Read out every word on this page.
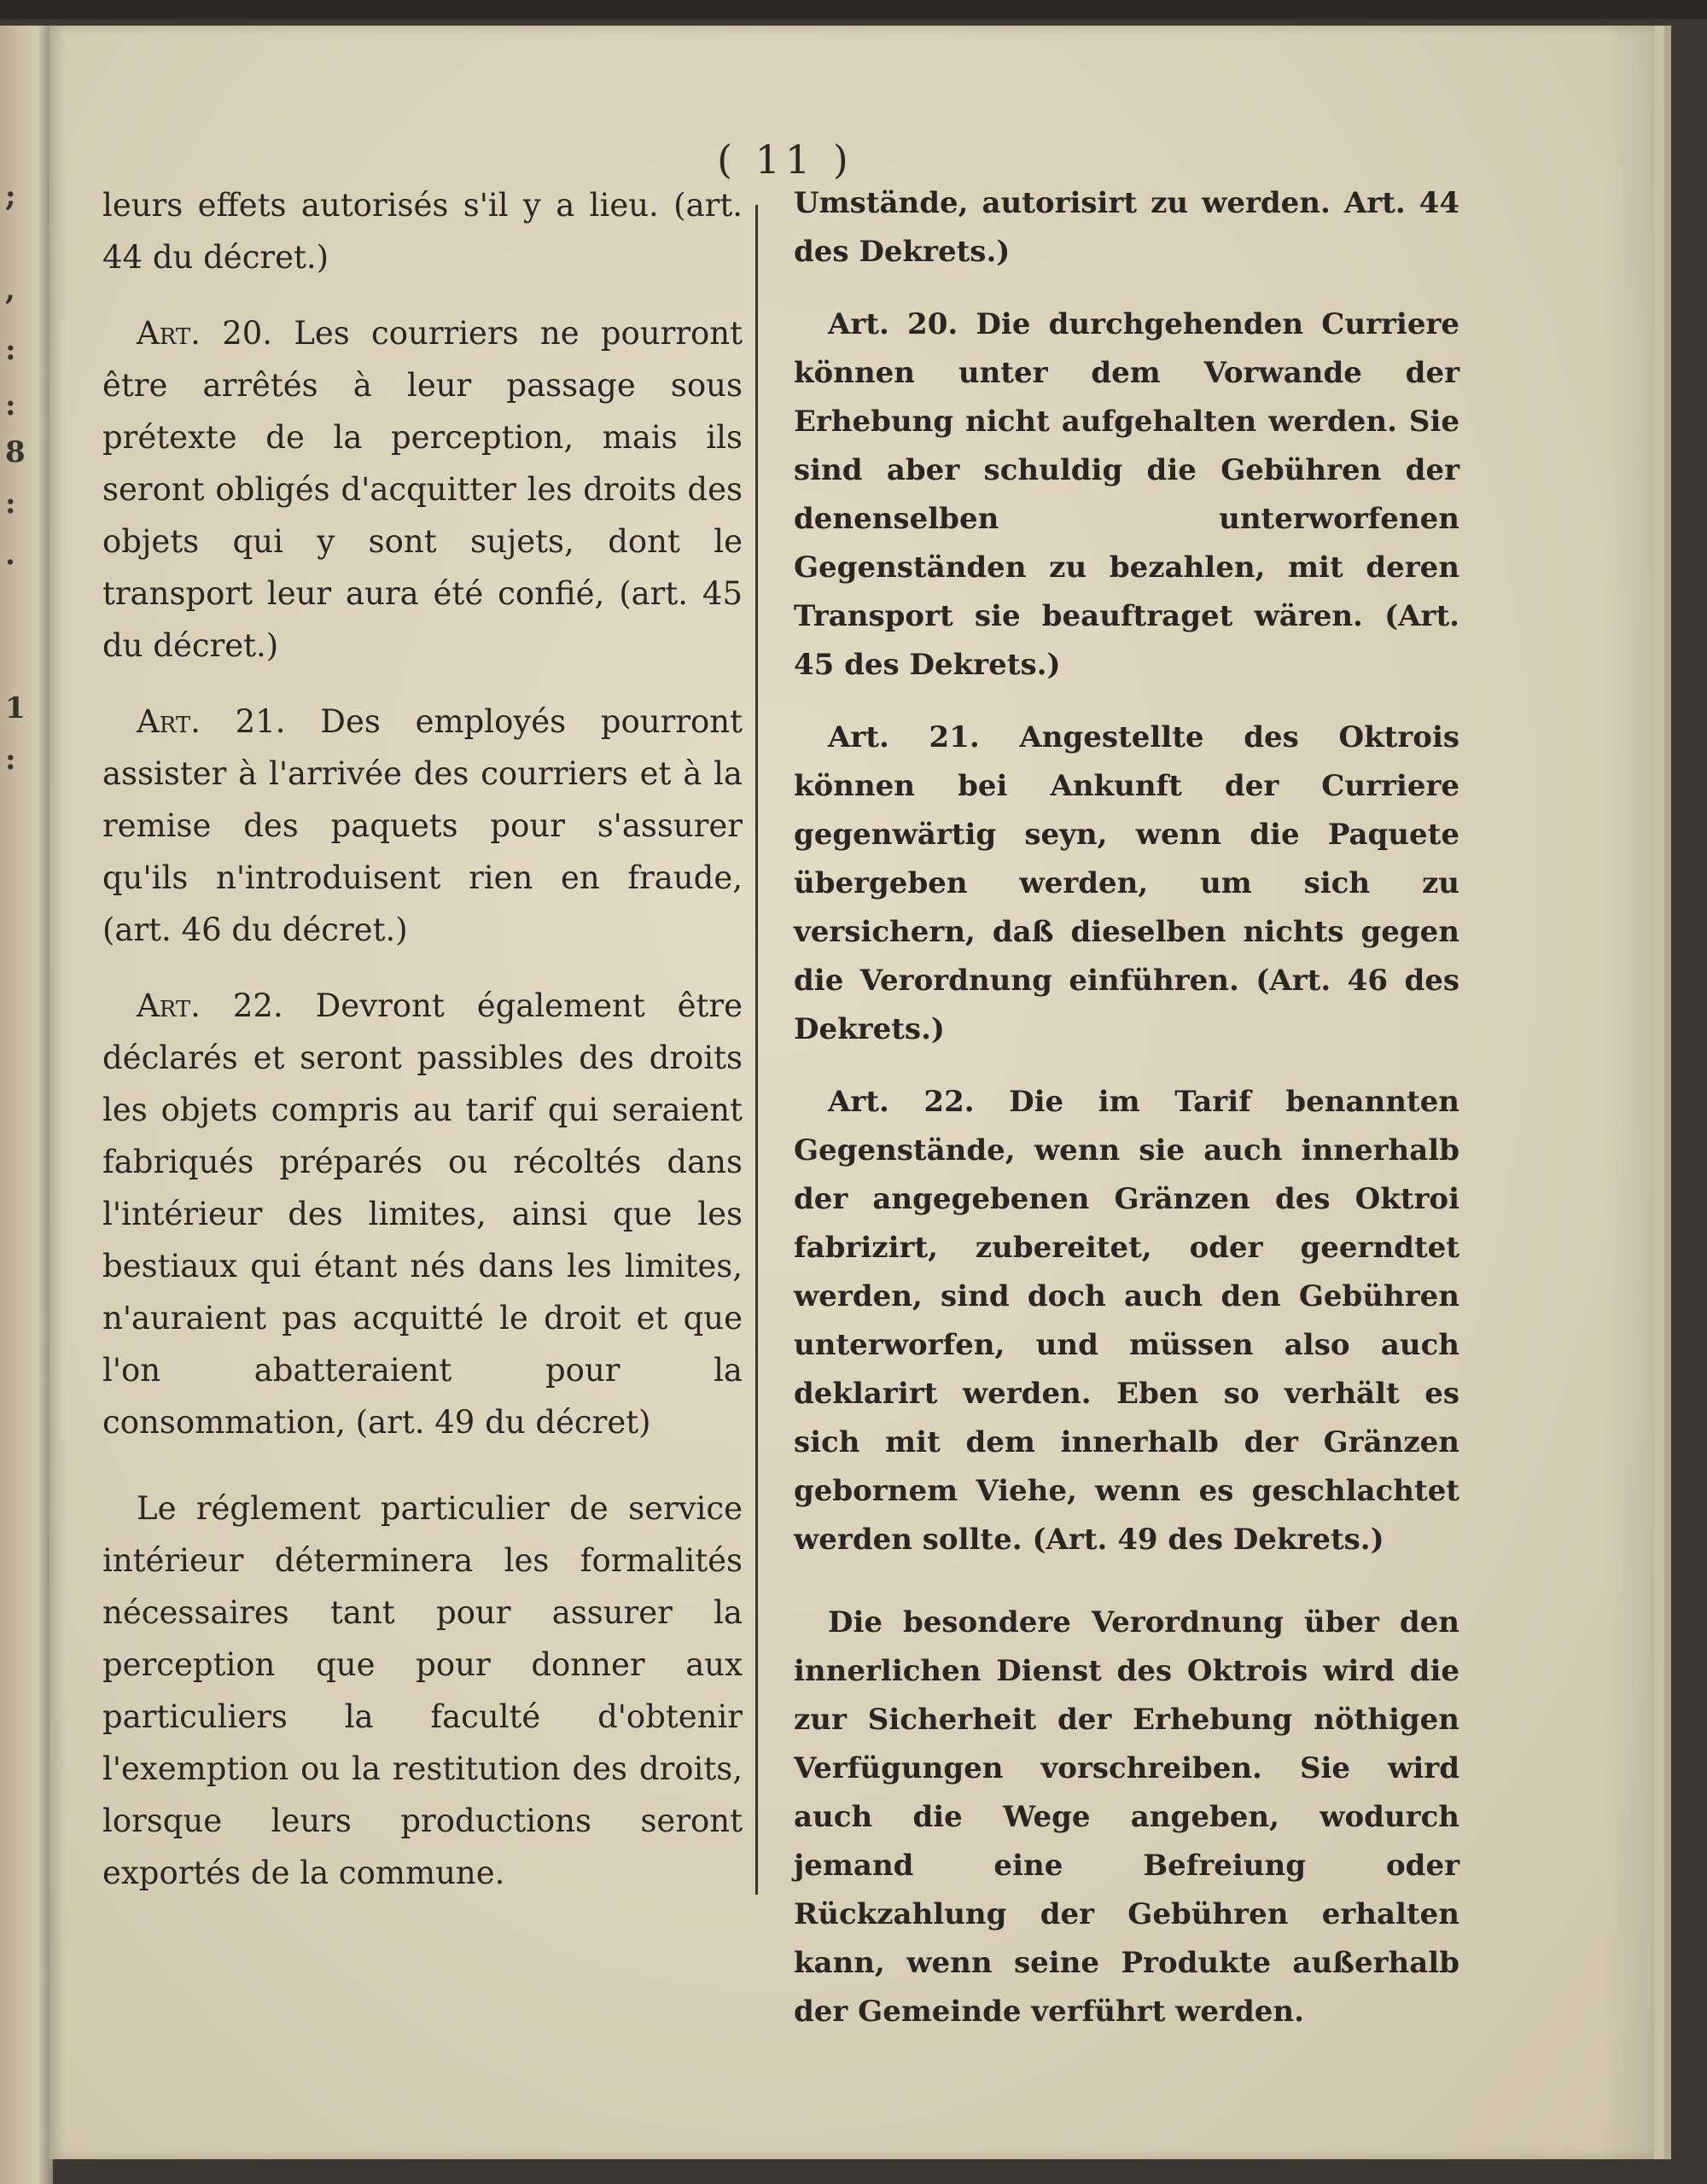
;
,
:
:
8
:
.
1
:
( 11 )

leurs effets autorisés s'il y a lieu. (art. 44 du décret.)

Art. 20. Les courriers ne pourront être arrêtés à leur passage sous prétexte de la perception, mais ils seront obligés d'acquitter les droits des objets qui y sont sujets, dont le transport leur aura été confié, (art. 45 du décret.)

Art. 21. Des employés pourront assister à l'arrivée des courriers et à la remise des paquets pour s'assurer qu'ils n'introduisent rien en fraude, (art. 46 du décret.)

Art. 22. Devront également être déclarés et seront passibles des droits les objets compris au tarif qui seraient fabriqués préparés ou récoltés dans l'intérieur des limites, ainsi que les bestiaux qui étant nés dans les limites, n'auraient pas acquitté le droit et que l'on abatteraient pour la consommation, (art. 49 du décret)

Le réglement particulier de service intérieur déterminera les formalités nécessaires tant pour assurer la perception que pour donner aux particuliers la faculté d'obtenir l'exemption ou la restitution des droits, lorsque leurs productions seront exportés de la commune.

Umstände, autorisirt zu werden. Art. 44 des Dekrets.)

Art. 20. Die durchgehenden Curriere können unter dem Vorwande der Erhebung nicht aufgehalten werden. Sie sind aber schuldig die Gebühren der denenselben unterworfenen Gegenständen zu bezahlen, mit deren Transport sie beauftraget wären. (Art. 45 des Dekrets.)

Art. 21. Angestellte des Oktrois können bei Ankunft der Curriere gegenwärtig seyn, wenn die Paquete übergeben werden, um sich zu versichern, daß dieselben nichts gegen die Verordnung einführen. (Art. 46 des Dekrets.)

Art. 22. Die im Tarif benannten Gegenstände, wenn sie auch innerhalb der angegebenen Gränzen des Oktroi fabrizirt, zubereitet, oder geerndtet werden, sind doch auch den Gebühren unterworfen, und müssen also auch deklarirt werden. Eben so verhält es sich mit dem innerhalb der Gränzen gebornem Viehe, wenn es geschlachtet werden sollte. (Art. 49 des Dekrets.)

Die besondere Verordnung über den innerlichen Dienst des Oktrois wird die zur Sicherheit der Erhebung nöthigen Verfügungen vorschreiben. Sie wird auch die Wege angeben, wodurch jemand eine Befreiung oder Rückzahlung der Gebühren erhalten kann, wenn seine Produkte außerhalb der Gemeinde verführt werden.
